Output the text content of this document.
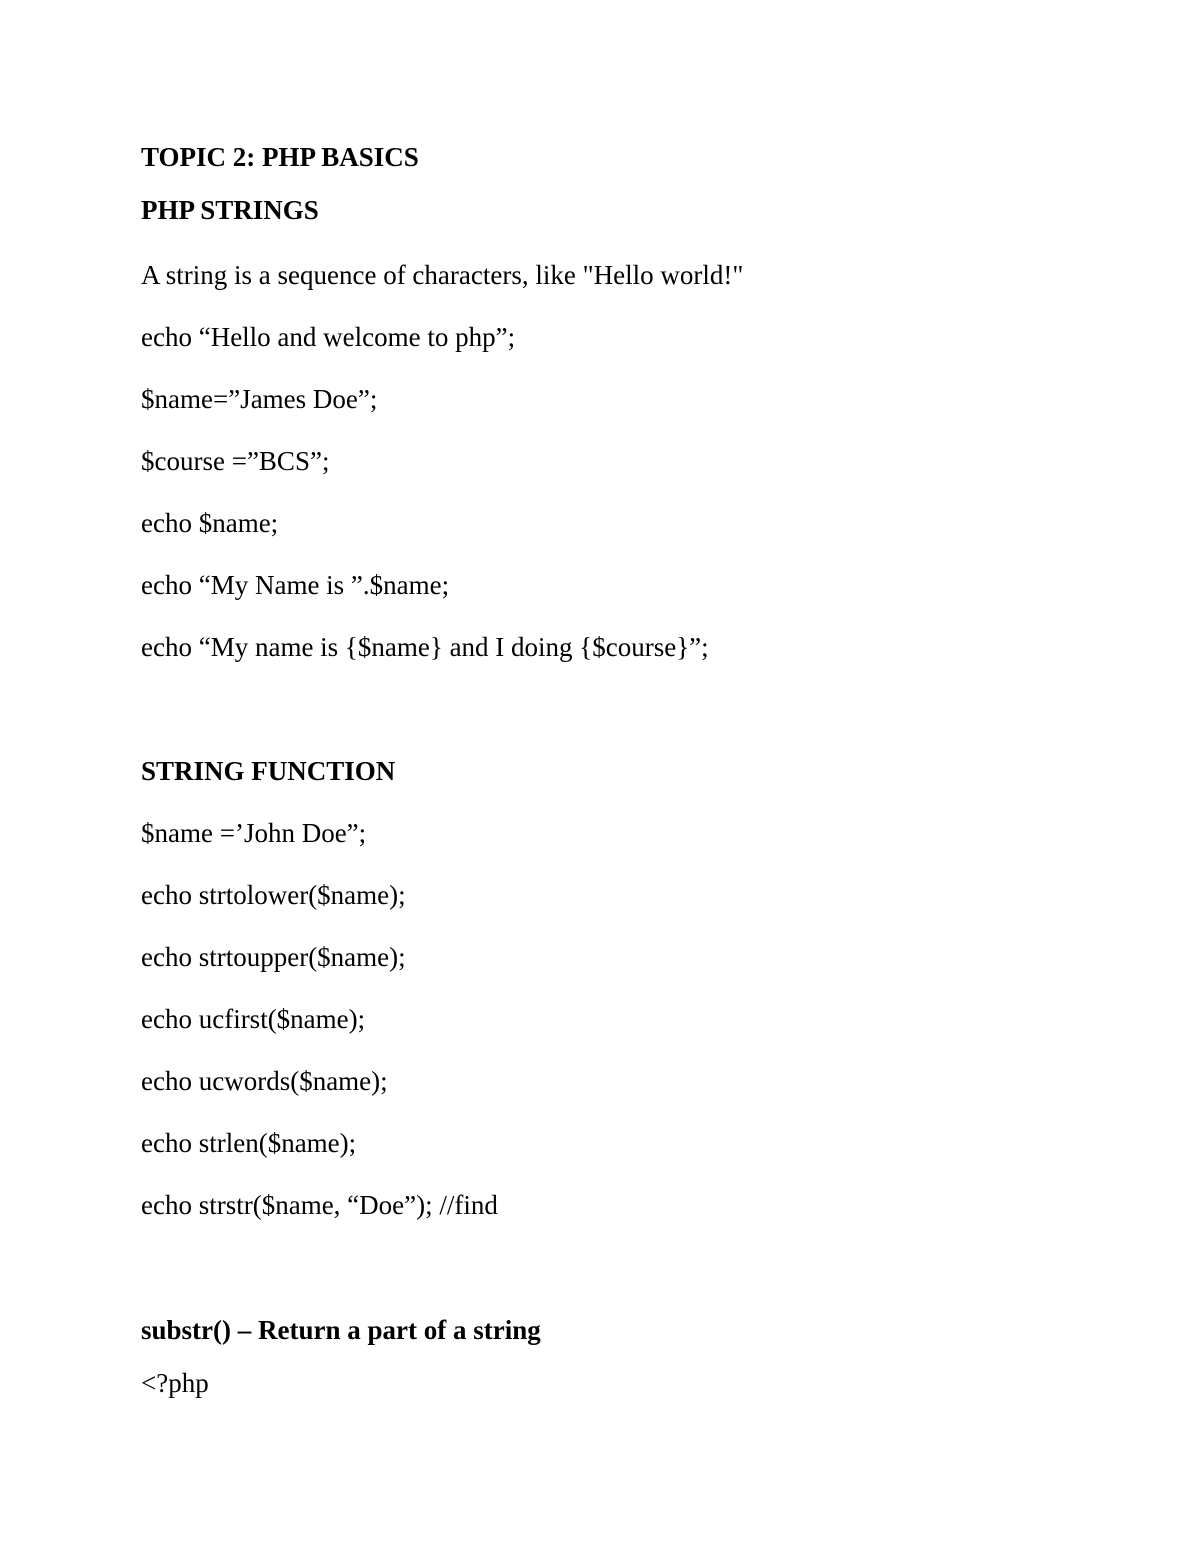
TOPIC 2: PHP BASICS
PHP STRINGS

A string is a sequence of characters, like "Hello world!"

echo “Hello and welcome to php”;

$name=”James Doe”;

$course =”BCS”;

echo $name;

echo “My Name is ”.$name;

echo “My name is {$name} and I doing {$course}”;

STRING FUNCTION

$name =’John Doe”;

echo strtolower($name);

echo strtoupper($name);

echo ucfirst($name);

echo ucwords($name);

echo strlen($name);

echo strstr($name, “Doe”); //find

substr() – Return a part of a string

<?php
